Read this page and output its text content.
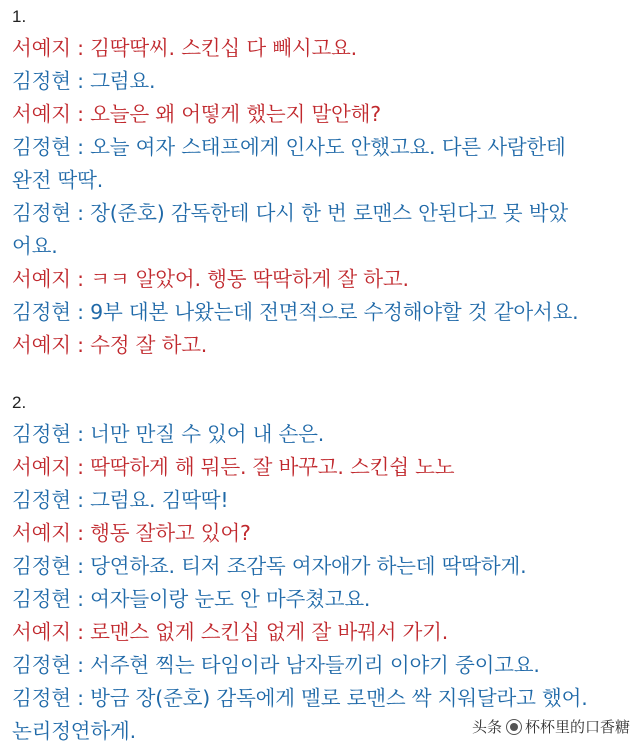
1.
서예지 : 김딱딱씨. 스킨십 다 빼시고요.
김정현 : 그럼요.
서예지 : 오늘은 왜 어떻게 했는지 말안해?
김정현 : 오늘 여자 스태프에게 인사도 안했고요. 다른 사람한테
완전 딱딱.
김정현 : 장(준호) 감독한테 다시 한 번 로맨스 안된다고 못 박았
어요.
서예지 : ㅋㅋ 알았어. 행동 딱딱하게 잘 하고.
김정현 : 9부 대본 나왔는데 전면적으로 수정해야할 것 같아서요.
서예지 : 수정 잘 하고.
2.
김정현 : 너만 만질 수 있어 내 손은.
서예지 : 딱딱하게 해 뭐든. 잘 바꾸고. 스킨쉽 노노
김정현 : 그럼요. 김딱딱!
서예지 : 행동 잘하고 있어?
김정현 : 당연하죠. 티저 조감독 여자애가 하는데 딱딱하게.
김정현 : 여자들이랑 눈도 안 마주쳤고요.
서예지 : 로맨스 없게 스킨십 없게 잘 바꿔서 가기.
김정현 : 서주현 찍는 타임이라 남자들끼리 이야기 중이고요.
김정현 : 방금 장(준호) 감독에게 멜로 로맨스 싹 지워달라고 했어.
논리정연하게.	头条 杯杯里的口香糖
